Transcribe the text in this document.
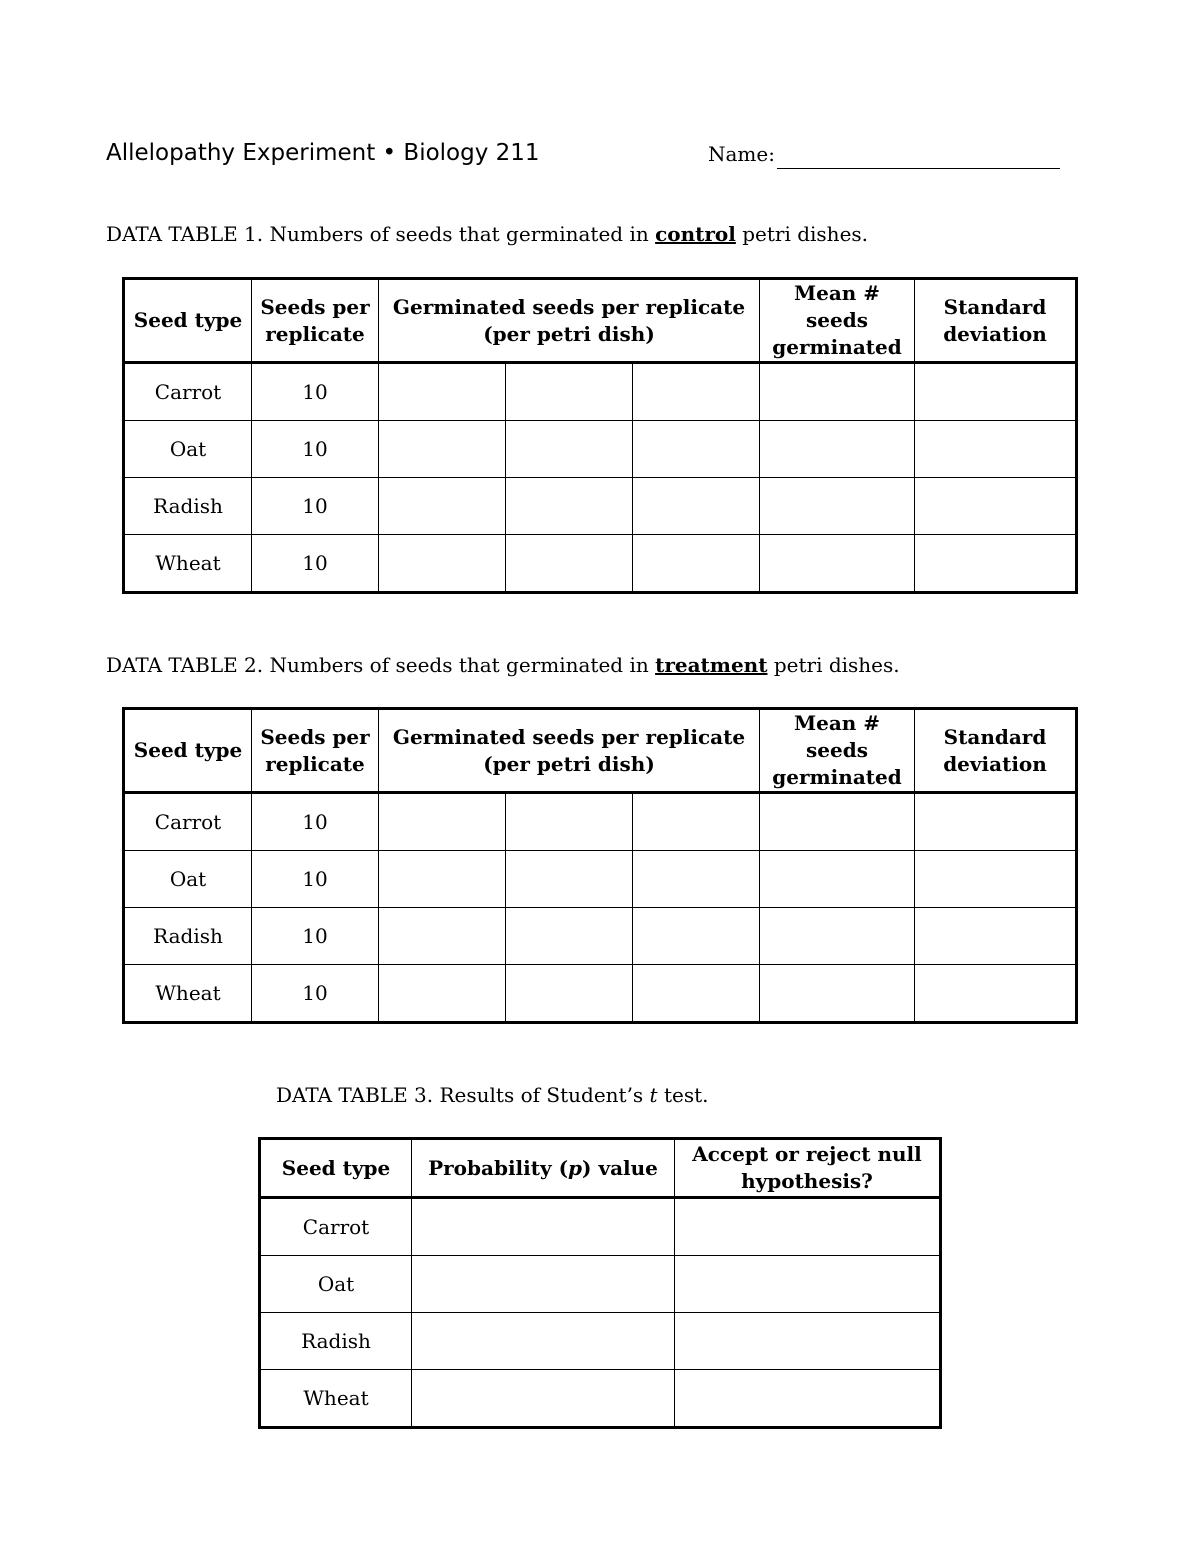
Allelopathy Experiment • Biology 211	Name:
DATA TABLE 1. Numbers of seeds that germinated in control petri dishes.
Seed type	Seeds per replicate	Germinated seeds per replicate (per petri dish)			Mean # seeds germinated	Standard deviation
Carrot	10					
Oat	10					
Radish	10					
Wheat	10					
DATA TABLE 2. Numbers of seeds that germinated in treatment petri dishes.
Seed type	Seeds per replicate	Germinated seeds per replicate (per petri dish)			Mean # seeds germinated	Standard deviation
Carrot	10					
Oat	10					
Radish	10					
Wheat	10					
DATA TABLE 3. Results of Student’s t test.
Seed type	Probability (p) value	Accept or reject null hypothesis?
Carrot		
Oat		
Radish		
Wheat		
